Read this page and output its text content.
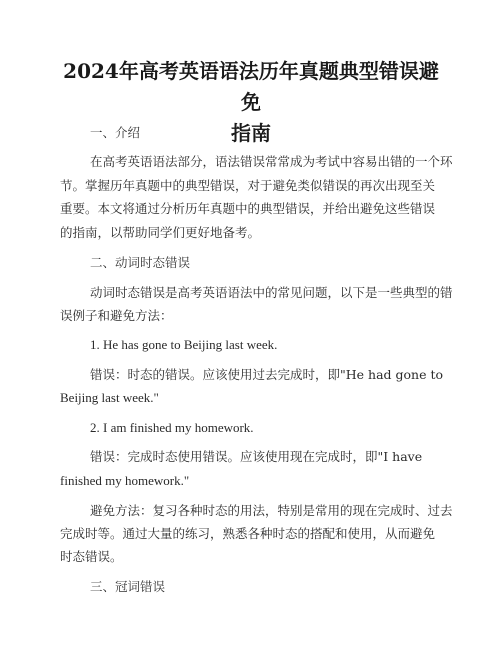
2024年高考英语语法历年真题典型错误避免
指南
一、介绍
在高考英语语法部分，语法错误常常成为考试中容易出错的一个环
节。掌握历年真题中的典型错误，对于避免类似错误的再次出现至关
重要。本文将通过分析历年真题中的典型错误，并给出避免这些错误
的指南，以帮助同学们更好地备考。
二、动词时态错误
动词时态错误是高考英语语法中的常见问题，以下是一些典型的错
误例子和避免方法：
1. He has gone to Beijing last week.
错误：时态的错误。应该使用过去完成时，即"He had gone to
Beijing last week."
2. I am finished my homework.
错误：完成时态使用错误。应该使用现在完成时，即"I have
finished my homework."
避免方法：复习各种时态的用法，特别是常用的现在完成时、过去
完成时等。通过大量的练习，熟悉各种时态的搭配和使用，从而避免
时态错误。
三、冠词错误
